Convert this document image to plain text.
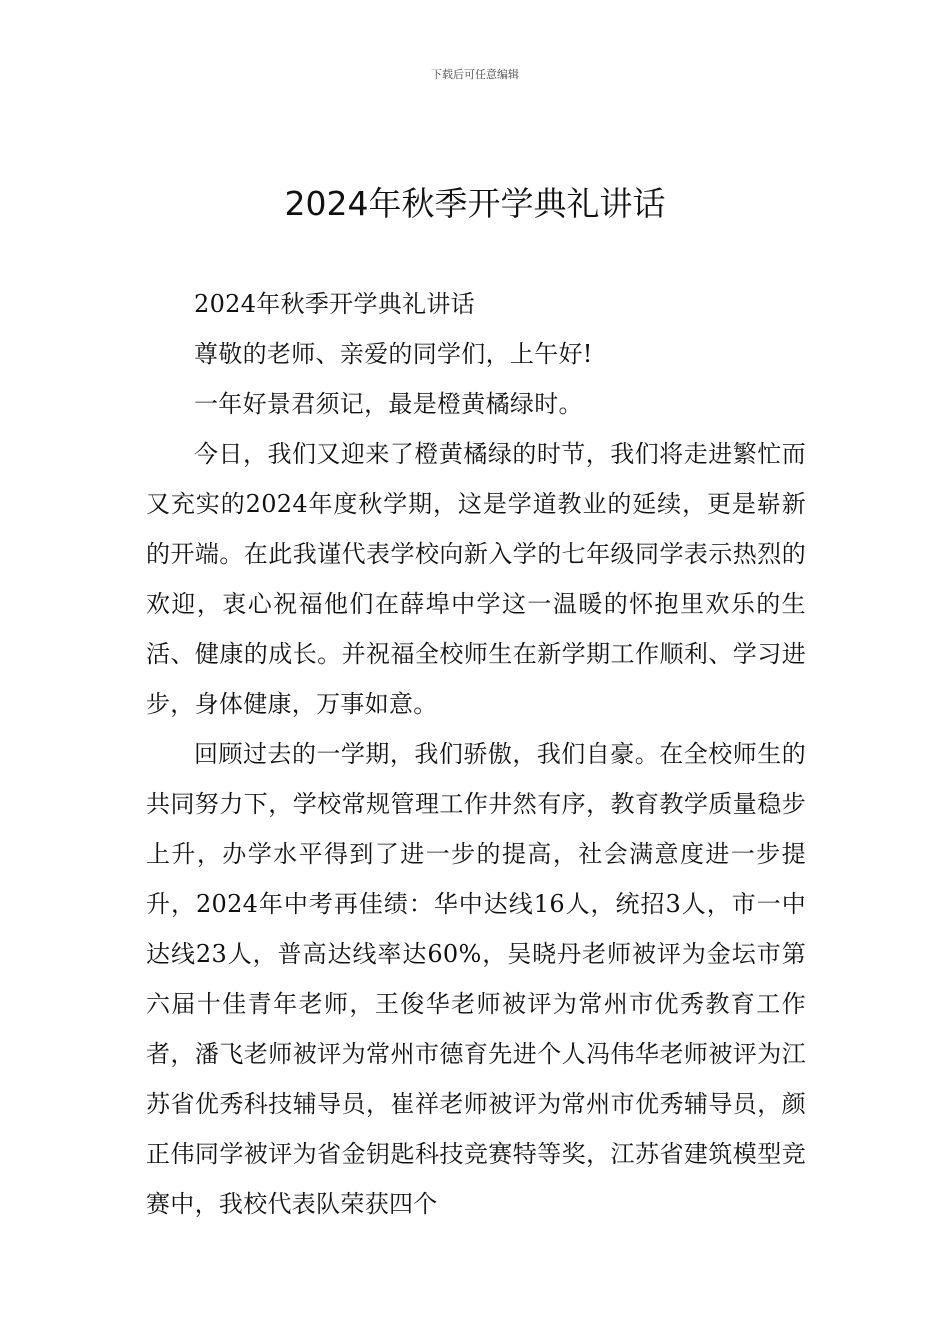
下载后可任意编辑
2024年秋季开学典礼讲话

2024年秋季开学典礼讲话

尊敬的老师、亲爱的同学们，上午好!

一年好景君须记，最是橙黄橘绿时。

今日，我们又迎来了橙黄橘绿的时节，我们将走进繁忙而又充实的2024年度秋学期，这是学道教业的延续，更是崭新的开端。在此我谨代表学校向新入学的七年级同学表示热烈的欢迎，衷心祝福他们在薛埠中学这一温暖的怀抱里欢乐的生活、健康的成长。并祝福全校师生在新学期工作顺利、学习进步，身体健康，万事如意。

回顾过去的一学期，我们骄傲，我们自豪。在全校师生的共同努力下，学校常规管理工作井然有序，教育教学质量稳步上升，办学水平得到了进一步的提高，社会满意度进一步提升，2024年中考再佳绩：华中达线16人，统招3人，市一中达线23人，普高达线率达60%，吴晓丹老师被评为金坛市第六届十佳青年老师，王俊华老师被评为常州市优秀教育工作者，潘飞老师被评为常州市德育先进个人冯伟华老师被评为江苏省优秀科技辅导员，崔祥老师被评为常州市优秀辅导员，颜正伟同学被评为省金钥匙科技竞赛特等奖，江苏省建筑模型竞赛中，我校代表队荣获四个
